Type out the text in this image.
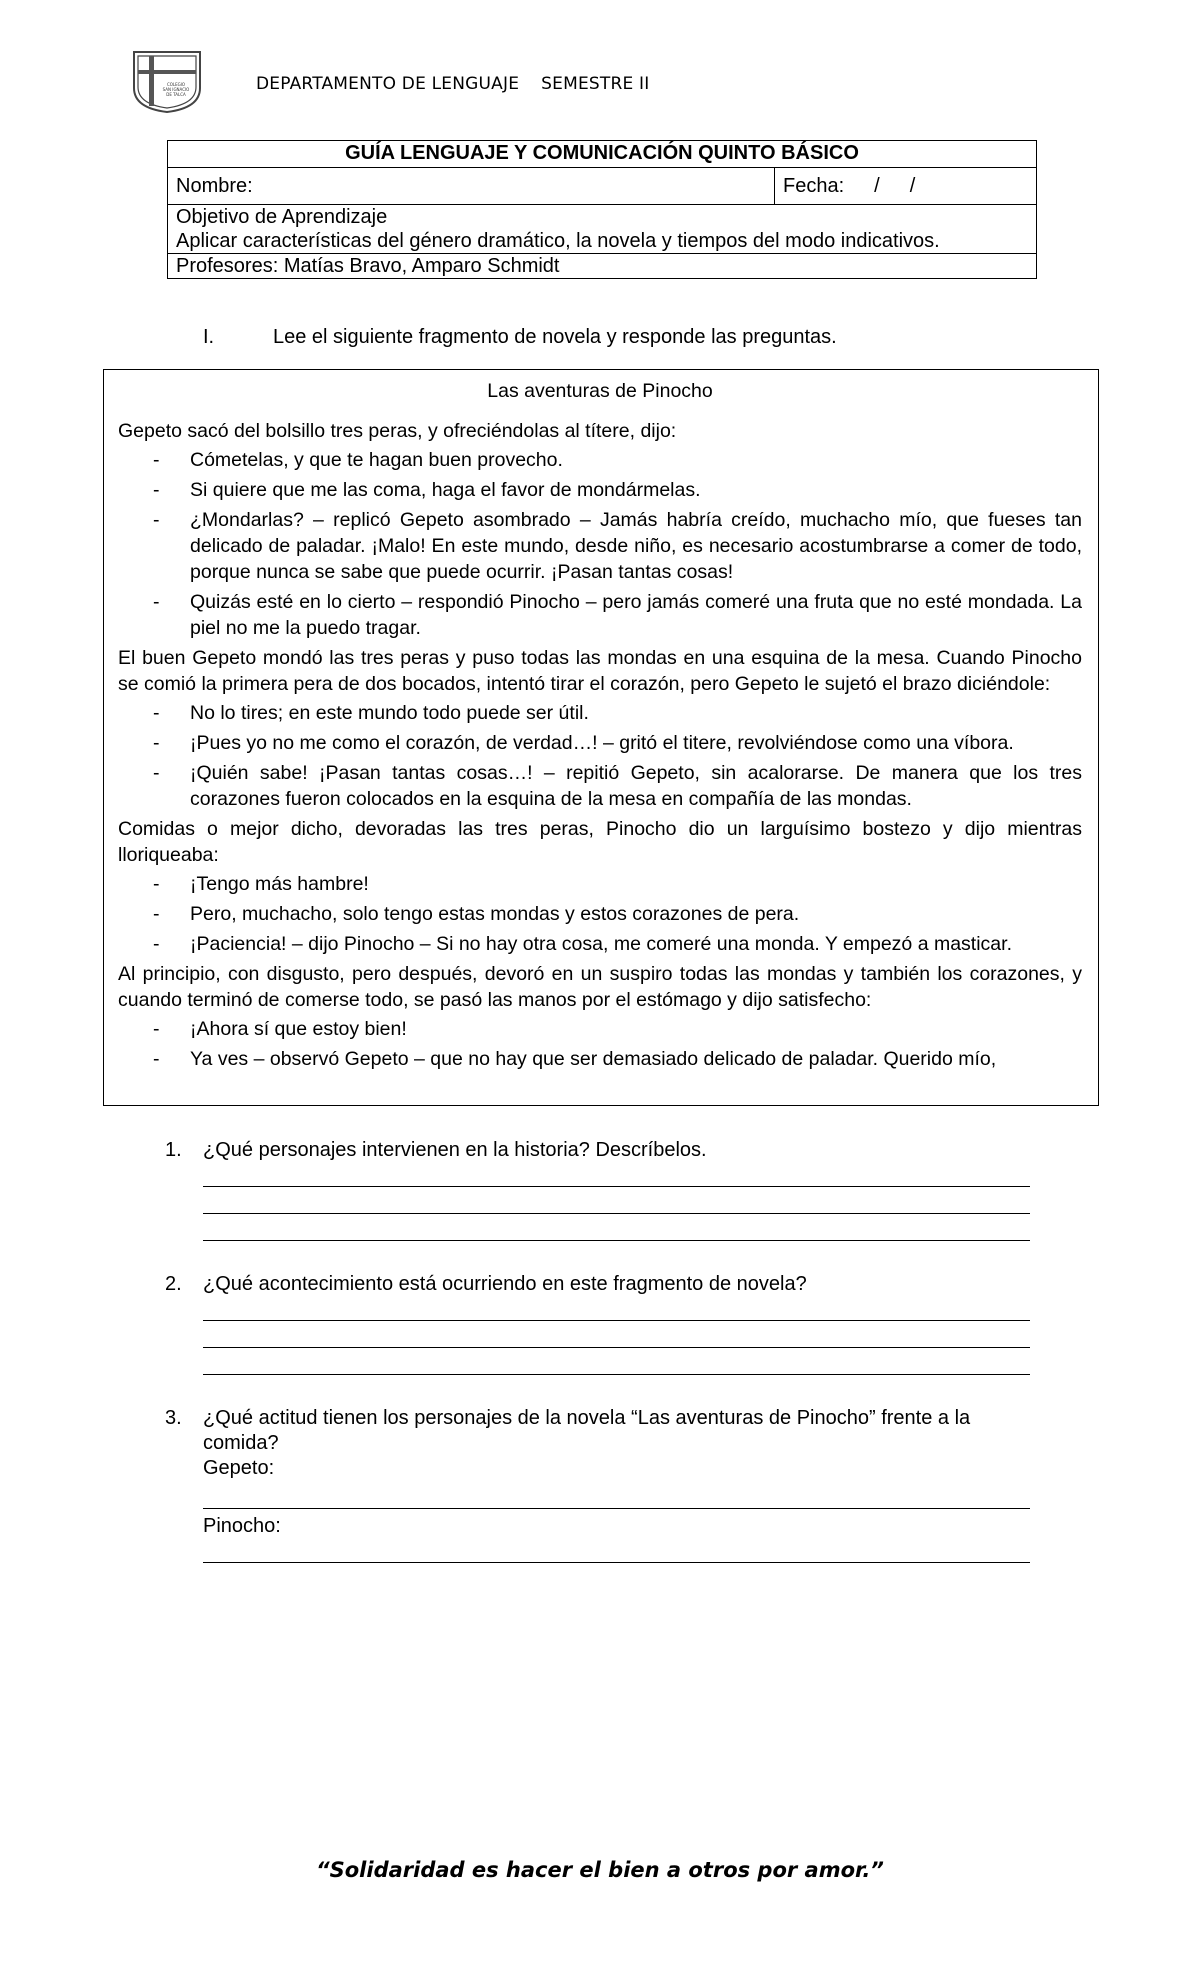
COLEGIO
SAN IGNACIO
DE TALCA
DEPARTAMENTO DE LENGUAJE SEMESTRE II
GUÍA LENGUAJE Y COMUNICACIÓN QUINTO BÁSICO
Nombre:	Fecha: / /

Objetivo de Aprendizaje
Aplicar características del género dramático, la novela y tiempos del modo indicativos.

Profesores: Matías Bravo, Amparo Schmidt
I.	Lee el siguiente fragmento de novela y responde las preguntas.
Las aventuras de Pinocho

Gepeto sacó del bolsillo tres peras, y ofreciéndolas al títere, dijo:

-	Cómetelas, y que te hagan buen provecho.
-	Si quiere que me las coma, haga el favor de mondármelas.
-	¿Mondarlas? – replicó Gepeto asombrado – Jamás habría creído, muchacho mío, que fueses tan delicado de paladar. ¡Malo! En este mundo, desde niño, es necesario acostumbrarse a comer de todo, porque nunca se sabe que puede ocurrir. ¡Pasan tantas cosas!
-	Quizás esté en lo cierto – respondió Pinocho – pero jamás comeré una fruta que no esté mondada. La piel no me la puedo tragar.

El buen Gepeto mondó las tres peras y puso todas las mondas en una esquina de la mesa. Cuando Pinocho se comió la primera pera de dos bocados, intentó tirar el corazón, pero Gepeto le sujetó el brazo diciéndole:

-	No lo tires; en este mundo todo puede ser útil.
-	¡Pues yo no me como el corazón, de verdad…! – gritó el titere, revolviéndose como una víbora.
-	¡Quién sabe! ¡Pasan tantas cosas…! – repitió Gepeto, sin acalorarse. De manera que los tres corazones fueron colocados en la esquina de la mesa en compañía de las mondas.

Comidas o mejor dicho, devoradas las tres peras, Pinocho dio un larguísimo bostezo y dijo mientras lloriqueaba:

-	¡Tengo más hambre!
-	Pero, muchacho, solo tengo estas mondas y estos corazones de pera.
-	¡Paciencia! – dijo Pinocho – Si no hay otra cosa, me comeré una monda. Y empezó a masticar.

Al principio, con disgusto, pero después, devoró en un suspiro todas las mondas y también los corazones, y cuando terminó de comerse todo, se pasó las manos por el estómago y dijo satisfecho:

-	¡Ahora sí que estoy bien!
-	Ya ves – observó Gepeto – que no hay que ser demasiado delicado de paladar. Querido mío,
1. ¿Qué personajes intervienen en la historia? Descríbelos.
2. ¿Qué acontecimiento está ocurriendo en este fragmento de novela?
3. ¿Qué actitud tienen los personajes de la novela “Las aventuras de Pinocho” frente a la comida?
Gepeto:
Pinocho:
“Solidaridad es hacer el bien a otros por amor.”
